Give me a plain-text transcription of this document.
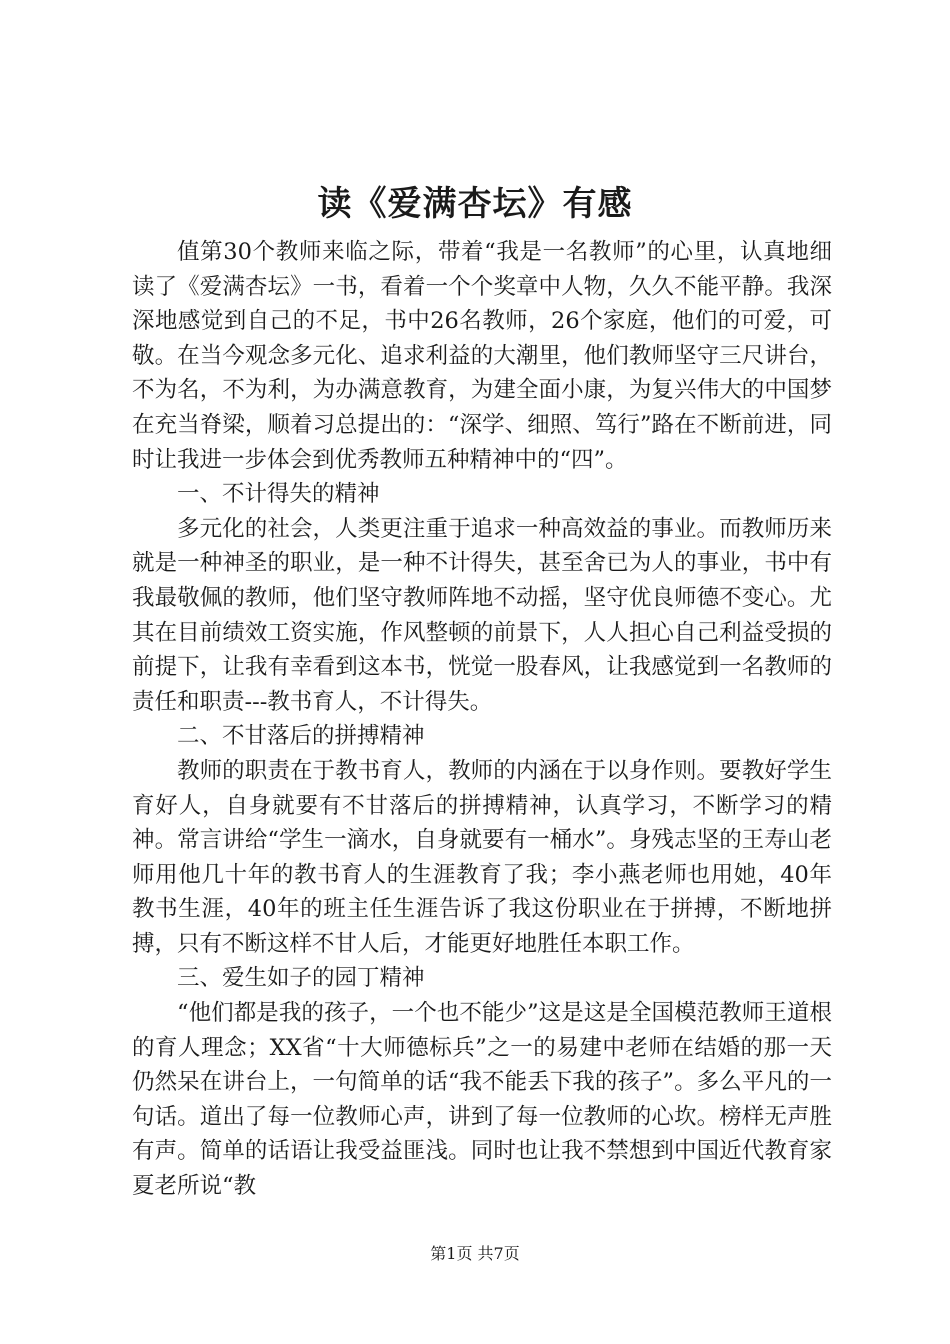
读《爱满杏坛》有感

值第30个教师来临之际，带着“我是一名教师”的心里，认真地细读了《爱满杏坛》一书，看着一个个奖章中人物，久久不能平静。我深深地感觉到自己的不足，书中26名教师，26个家庭，他们的可爱，可敬。在当今观念多元化、追求利益的大潮里，他们教师坚守三尺讲台，不为名，不为利，为办满意教育，为建全面小康，为复兴伟大的中国梦在充当脊梁，顺着习总提出的：“深学、细照、笃行”路在不断前进，同时让我进一步体会到优秀教师五种精神中的“四”。

一、不计得失的精神

多元化的社会，人类更注重于追求一种高效益的事业。而教师历来就是一种神圣的职业，是一种不计得失，甚至舍已为人的事业，书中有我最敬佩的教师，他们坚守教师阵地不动摇，坚守优良师德不变心。尤其在目前绩效工资实施，作风整顿的前景下，人人担心自己利益受损的前提下，让我有幸看到这本书，恍觉一股春风，让我感觉到一名教师的责任和职责---教书育人，不计得失。

二、不甘落后的拼搏精神

教师的职责在于教书育人，教师的内涵在于以身作则。要教好学生育好人，自身就要有不甘落后的拼搏精神，认真学习，不断学习的精神。常言讲给“学生一滴水，自身就要有一桶水”。身残志坚的王寿山老师用他几十年的教书育人的生涯教育了我；李小燕老师也用她，40年教书生涯，40年的班主任生涯告诉了我这份职业在于拼搏，不断地拼搏，只有不断这样不甘人后，才能更好地胜任本职工作。

三、爱生如子的园丁精神

“他们都是我的孩子，一个也不能少”这是这是全国模范教师王道根的育人理念；XX省“十大师德标兵”之一的易建中老师在结婚的那一天仍然呆在讲台上，一句简单的话“我不能丢下我的孩子”。多么平凡的一句话。道出了每一位教师心声，讲到了每一位教师的心坎。榜样无声胜有声。简单的话语让我受益匪浅。同时也让我不禁想到中国近代教育家夏老所说“教

第1页 共7页
